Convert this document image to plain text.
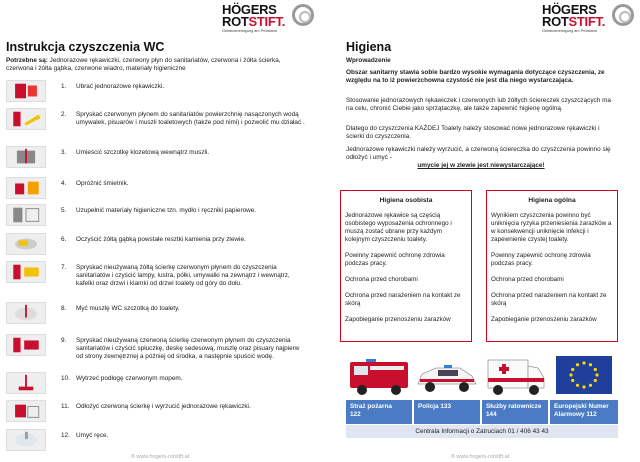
HÖGERS
ROTSTIFT.
Gebäudereinigung am Prüfstand
Instrukcja czyszczenia WC
Potrzebne są: Jednorazowe rękawiczki, czerwony płyn do sanitariatów, czerwona i żółta ścierka, czerwona i żółta gąbka, czerwone wiadro, materiały higieniczne
1. Ubrać jednorazowe rękawiczki.
2. Spryskać czerwonym płynem do sanitariatów powierzchnię nasączonych wodą umywalek, pisuarów i muszli toaletowych (także pod nimi) i pozwolić mu działać .
3. Umieścić szczotkę klozetową wewnątrz muszli.
4. Opróżnić śmietnik.
5. Uzupełnić materiały higieniczne tzn. mydło i ręczniki papierowe.
6. Oczyścić żółtą gąbką powstałe resztki kamienia przy zlewie.
7. Spryskać nieużywaną żółtą ścierkę czerwonym płynem do czyszczenia sanitariatów i czyścić lampy, lustra, półki, umywalki na zewnątrz i wewnątrz, kafelki oraz drzwi i klamki od drzwi toalety od góry do dołu.
8. Myć muszlę WC szczotką do toalety.
9. Spryskać nieużywaną czerwoną ścierkę czerwonym płynem do czyszczenia sanitariatów i czyścić spłuczkę, deskę sedesową, muszlę oraz pisuary najpierw od strony zewnętrznej a później od środka, a następnie spuścić wodę.
10. Wytrzeć podłogę czerwonym mopem.
11. Odłożyć czerwoną ścierkę i wyrzucić jednorazowe rękawiczki.
12. Umyć ręce.
® www.hogers-rotstift.at
HÖGERS
ROTSTIFT.
Gebäudereinigung am Prüfstand
Higiena
Wprowadzenie
Obszar sanitarny stawia sobie bardzo wysokie wymagania dotyczące czyszczenia, ze względu na to iż powierzchowna czystość nie jest dla niego wystarczająca.
Stosowanie jednorazowych rękawiczek i czerwonych lub żółtych ściereczek czyszczących ma na celu, chronić Ciebie jako sprzątaczkę, ale także zapewnić higienę ogólną.
Dlatego do czyszczenia KAŻDEJ Toalety należy stosować nowe jednorazowe rękawiczki i ścierki do czyszczenia.
Jednorazowe rękawiczki należy wyrzucić, a czerwoną ściereczka do czyszczenia powinno się odłożyć i umyć -

umycie jej w zlewie jest niewystarczające!
Higiena osobista
Jednorazowe rękawice są częścią osobistego wyposażenia ochronnego i muszą zostać ubrane przy każdym kolejnym czyszczeniu toalety.
Powinny zapewnić ochronę zdrowia podczas pracy.
Ochrona przed chorobami
Ochrona przed narażeniem na kontakt ze skórą
Zapobieganie przenoszeniu zarazków
Higiena ogólna
Wynikiem czyszczenia powinno być uniknięcia ryzyka przeniesienia zarazków a w konsekwencji uniknięcie infekcji i zapewnienie czystej toalety.
Powinny zapewnić ochronę zdrowia podczas pracy.
Ochrona przed chorobami
Ochrona przed narażeniem na kontakt ze skórą
Zapobieganie przenoszeniu zarazków
Straż pożarna
122
Policja 133	Służby ratownicze 144
Europejski Numer Alarmowy 112
Centrala Informacji o Zatruciach 01 / 406 43 43
® www.hogers-rotstift.at
